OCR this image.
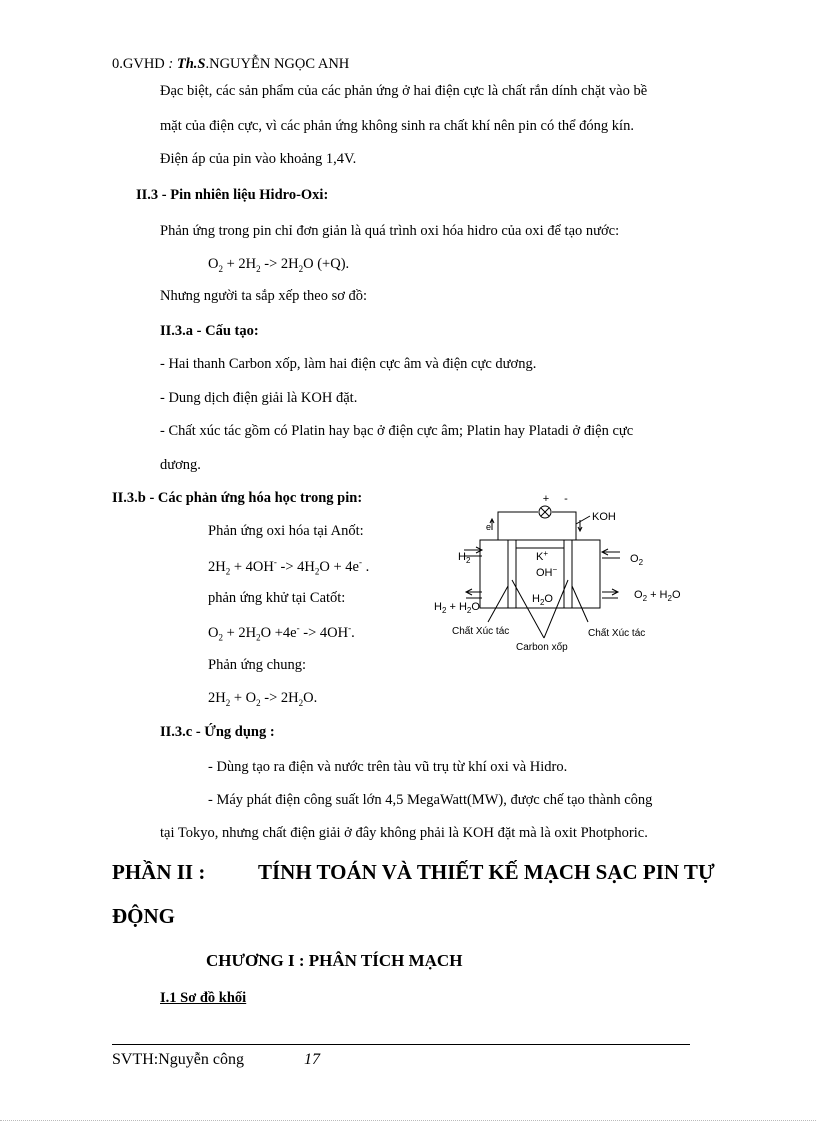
0.GVHD : Th.S.NGUYỄN NGỌC ANH
Đạc biệt, các sản phẩm của các phản ứng ở hai điện cực là chất rắn dính chặt vào bề
mặt của điện cực, vì các phản ứng không sinh ra chất khí nên pin có thể đóng kín.
Điện áp của pin vào khoảng 1,4V.
II.3 - Pin nhiên liệu Hidro-Oxi:
Phản ứng trong pin chỉ đơn giản là quá trình oxi hóa hidro của oxi để tạo nước:
$O_2 + 2H_2 -> 2H_2O$ (+Q).
Nhưng người ta sắp xếp theo sơ đồ:
II.3.a - Cấu tạo:
- Hai thanh Carbon xốp, làm hai điện cực âm và điện cực dương.
- Dung dịch điện giải là KOH đặt.
- Chất xúc tác gồm có Platin hay bạc ở điện cực âm; Platin hay Platadi ở điện cực
dương.
II.3.b - Các phản ứng hóa học trong pin:
Phản ứng oxi hóa tại Anốt:
$2H_2 + 4OH^- -> 4H_2O + 4e^-$ .
phản ứng khử tại Catốt:
$O_2 + 2H_2O +4e^- -> 4OH^-$.
Phản ứng chung:
$2H_2 + O_2 -> 2H_2O$.
+ -
e
KOH
$H_2$	$O_2$
K+
OH−
$H_2O$
$H_2 + H_2O$
$O_2 + H_2O$
Chất Xúc tác	Chất Xúc tác
Carbon xốp
II.3.c - Ứng dụng :
- Dùng tạo ra điện và nước trên tàu vũ trụ từ khí oxi và Hidro.
- Máy phát điện công suất lớn 4,5 MegaWatt(MW), được chế tạo thành công
tại Tokyo, nhưng chất điện giải ở đây không phải là KOH đặt mà là oxit Photphoric.
PHẦN II :	TÍNH TOÁN VÀ THIẾT KẾ MẠCH SẠC PIN TỰ
ĐỘNG
CHƯƠNG I : PHÂN TÍCH MẠCH
I.1 Sơ đồ khối
SVTH:Nguyễn công	17
